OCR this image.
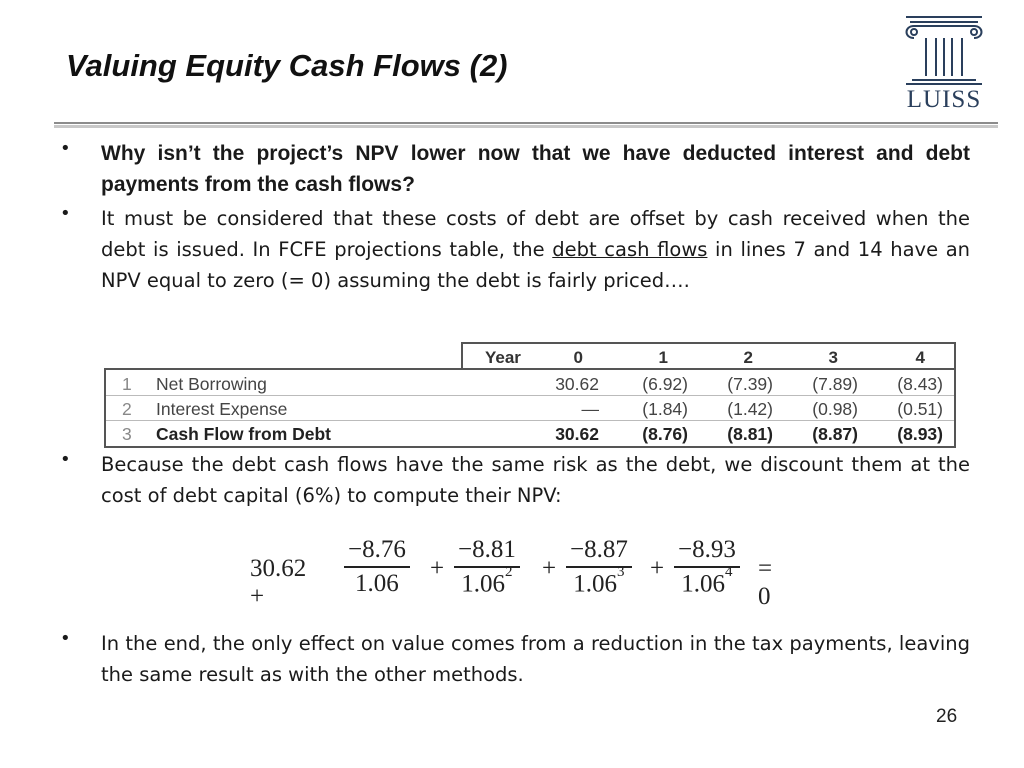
Valuing Equity Cash Flows (2)
LUISS
• Why isn’t the project’s NPV lower now that we have deducted interest and debt payments from the cash flows?
• It must be considered that these costs of debt are offset by cash received when the debt is issued. In FCFE projections table, the debt cash flows in lines 7 and 14 have an NPV equal to zero (= 0) assuming the debt is fairly priced….
Year	0	1	2	3	4
1 Net Borrowing	30.62	(6.92)	(7.39)	(7.89)	(8.43)
2 Interest Expense	—	(1.84)	(1.42)	(0.98)	(0.51)
3 Cash Flow from Debt	30.62	(8.76)	(8.81)	(8.87)	(8.93)
• Because the debt cash flows have the same risk as the debt, we discount them at the cost of debt capital (6%) to compute their NPV:
30.62 +
−8.76
1.06
+
−8.81
$1.06^2$ +
−8.87
$1.06^3$ +
−8.93
$1.06^4 = 0$
• In the end, the only effect on value comes from a reduction in the tax payments, leaving the same result as with the other methods.
26
